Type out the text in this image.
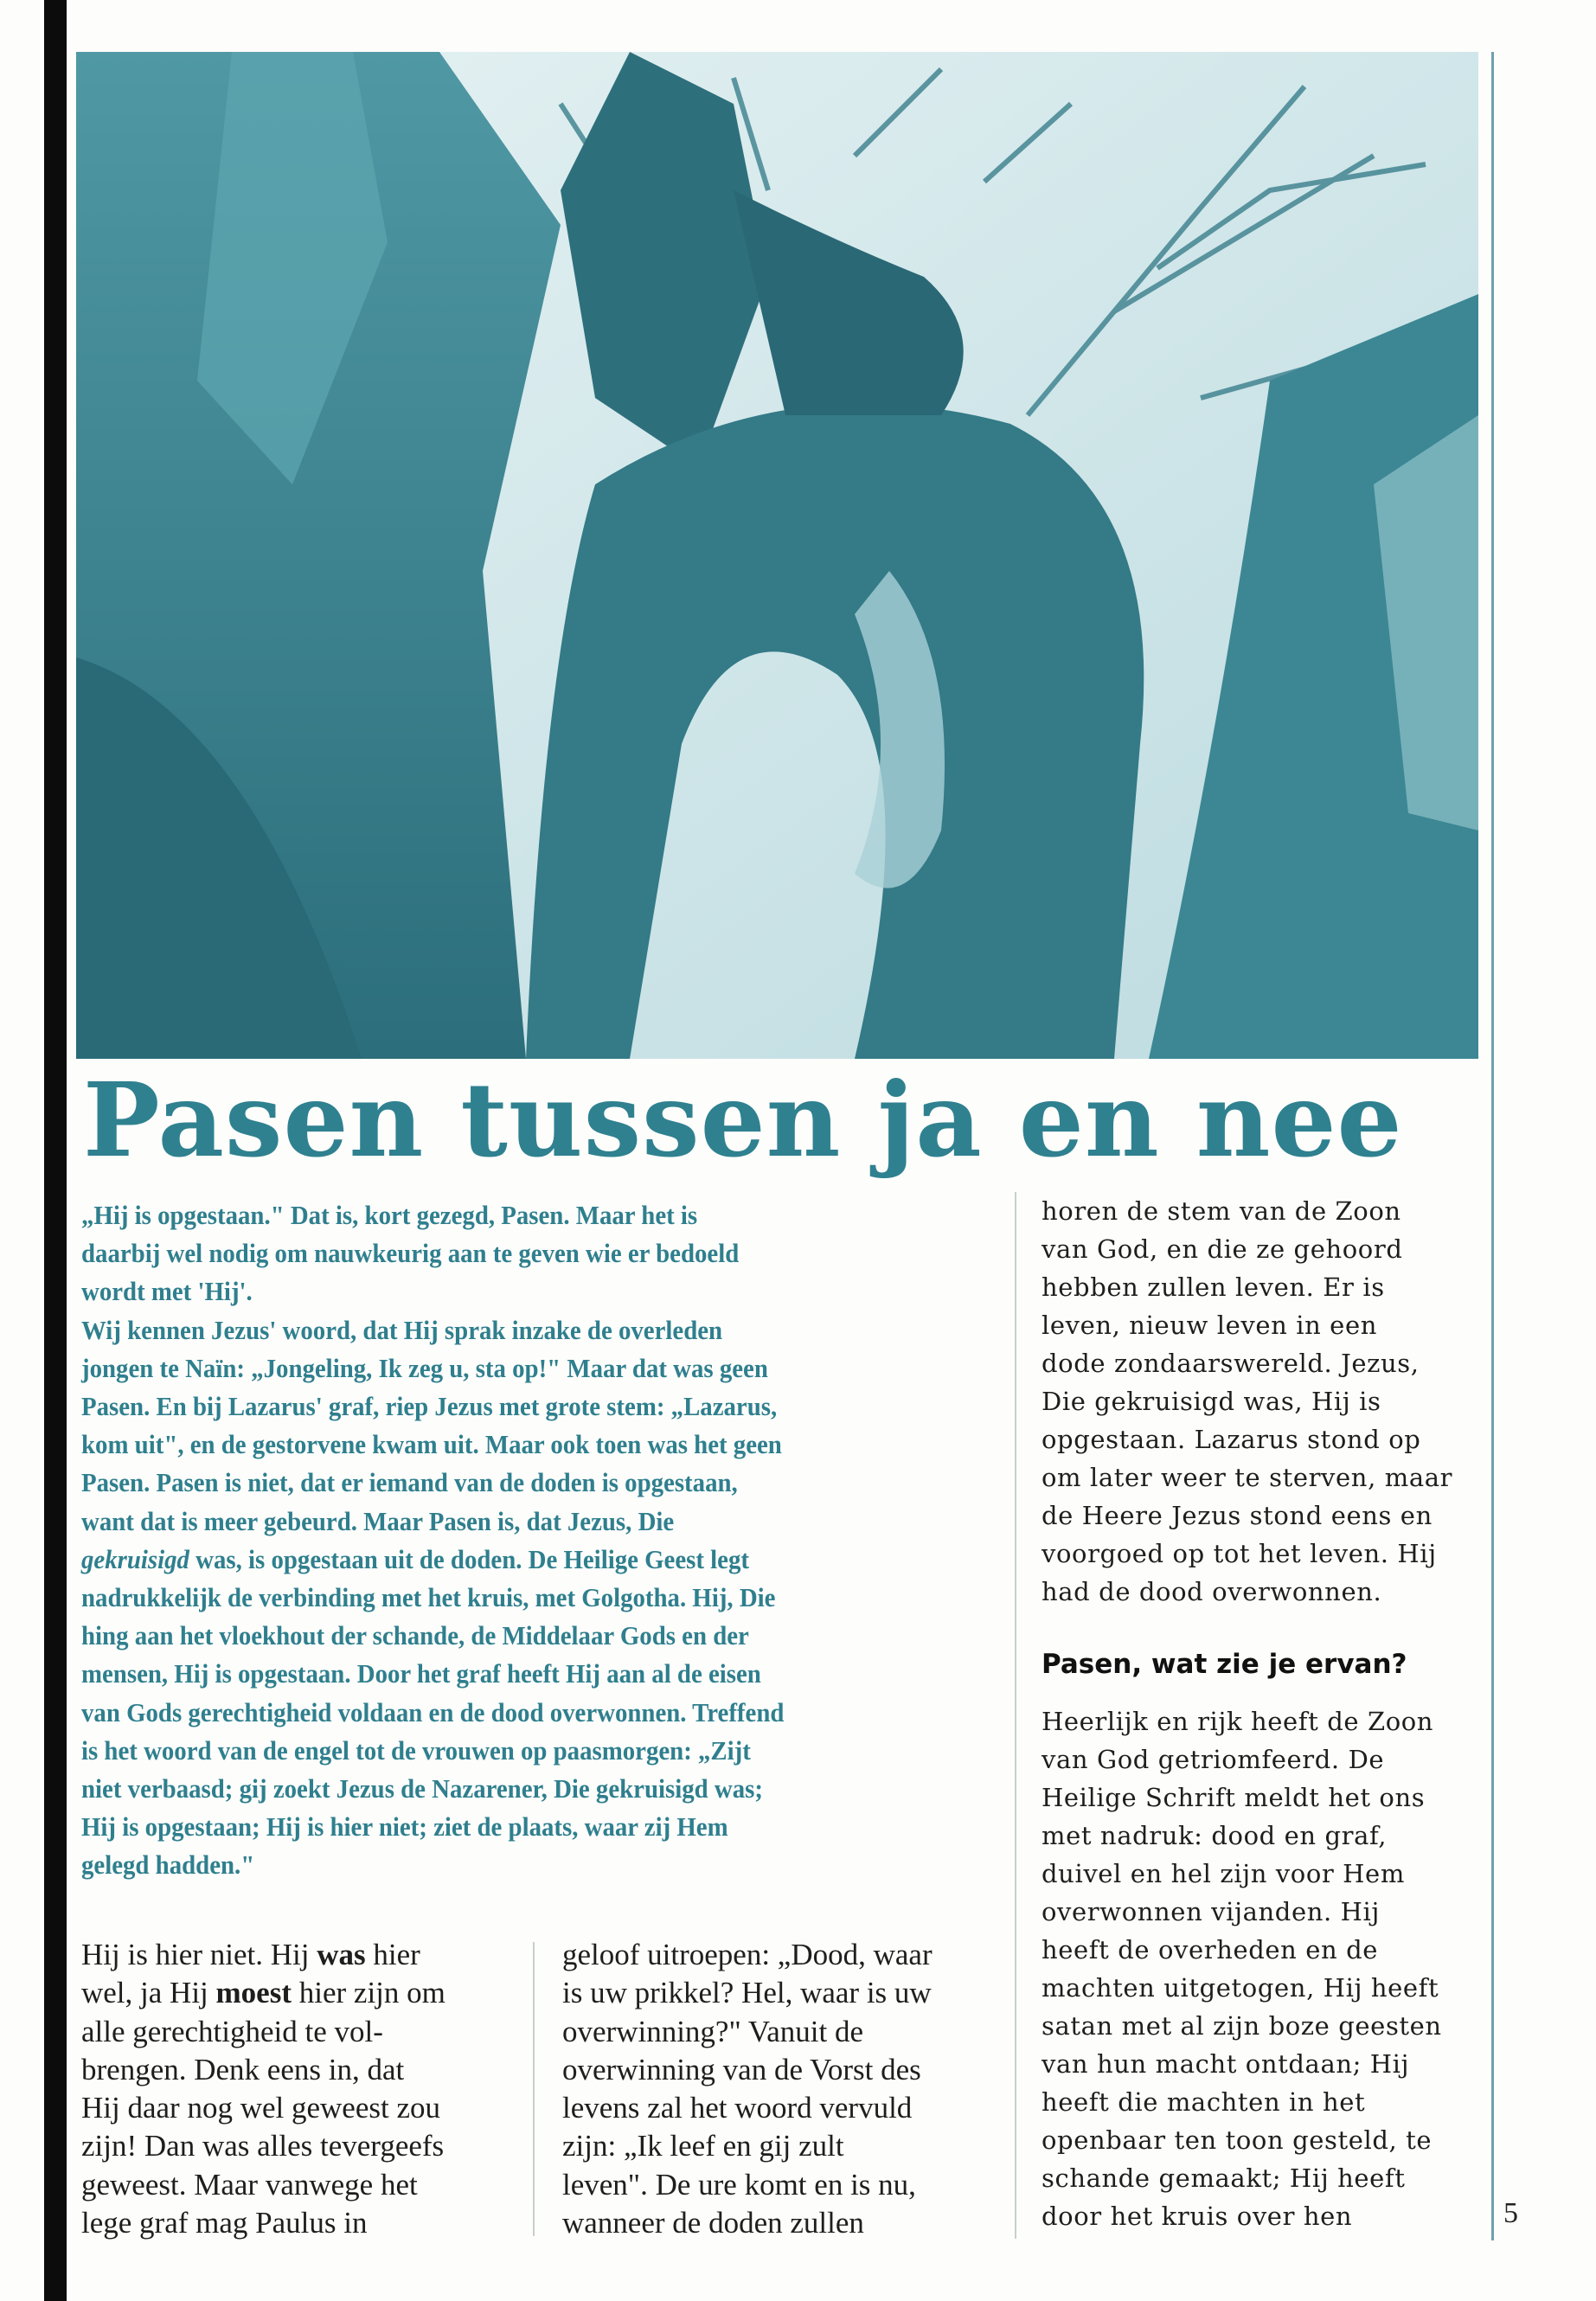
Pasen tussen ja en nee
„Hij is opgestaan." Dat is, kort gezegd, Pasen. Maar het is
daarbij wel nodig om nauwkeurig aan te geven wie er bedoeld
wordt met 'Hij'.
Wij kennen Jezus' woord, dat Hij sprak inzake de overleden
jongen te Naïn: „Jongeling, Ik zeg u, sta op!" Maar dat was geen
Pasen. En bij Lazarus' graf, riep Jezus met grote stem: „Lazarus,
kom uit", en de gestorvene kwam uit. Maar ook toen was het geen
Pasen. Pasen is niet, dat er iemand van de doden is opgestaan,
want dat is meer gebeurd. Maar Pasen is, dat Jezus, Die
gekruisigd was, is opgestaan uit de doden. De Heilige Geest legt
nadrukkelijk de verbinding met het kruis, met Golgotha. Hij, Die
hing aan het vloekhout der schande, de Middelaar Gods en der
mensen, Hij is opgestaan. Door het graf heeft Hij aan al de eisen
van Gods gerechtigheid voldaan en de dood overwonnen. Treffend
is het woord van de engel tot de vrouwen op paasmorgen: „Zijt
niet verbaasd; gij zoekt Jezus de Nazarener, Die gekruisigd was;
Hij is opgestaan; Hij is hier niet; ziet de plaats, waar zij Hem
gelegd hadden."
Hij is hier niet. Hij was hier
wel, ja Hij moest hier zijn om
alle gerechtigheid te vol-
brengen. Denk eens in, dat
Hij daar nog wel geweest zou
zijn! Dan was alles tevergeefs
geweest. Maar vanwege het
lege graf mag Paulus in
geloof uitroepen: „Dood, waar
is uw prikkel? Hel, waar is uw
overwinning?" Vanuit de
overwinning van de Vorst des
levens zal het woord vervuld
zijn: „Ik leef en gij zult
leven". De ure komt en is nu,
wanneer de doden zullen
horen de stem van de Zoon
van God, en die ze gehoord
hebben zullen leven. Er is
leven, nieuw leven in een
dode zondaarswereld. Jezus,
Die gekruisigd was, Hij is
opgestaan. Lazarus stond op
om later weer te sterven, maar
de Heere Jezus stond eens en
voorgoed op tot het leven. Hij
had de dood overwonnen.
Pasen, wat zie je ervan?
Heerlijk en rijk heeft de Zoon
van God getriomfeerd. De
Heilige Schrift meldt het ons
met nadruk: dood en graf,
duivel en hel zijn voor Hem
overwonnen vijanden. Hij
heeft de overheden en de
machten uitgetogen, Hij heeft
satan met al zijn boze geesten
van hun macht ontdaan; Hij
heeft die machten in het
openbaar ten toon gesteld, te
schande gemaakt; Hij heeft
door het kruis over hen	5
